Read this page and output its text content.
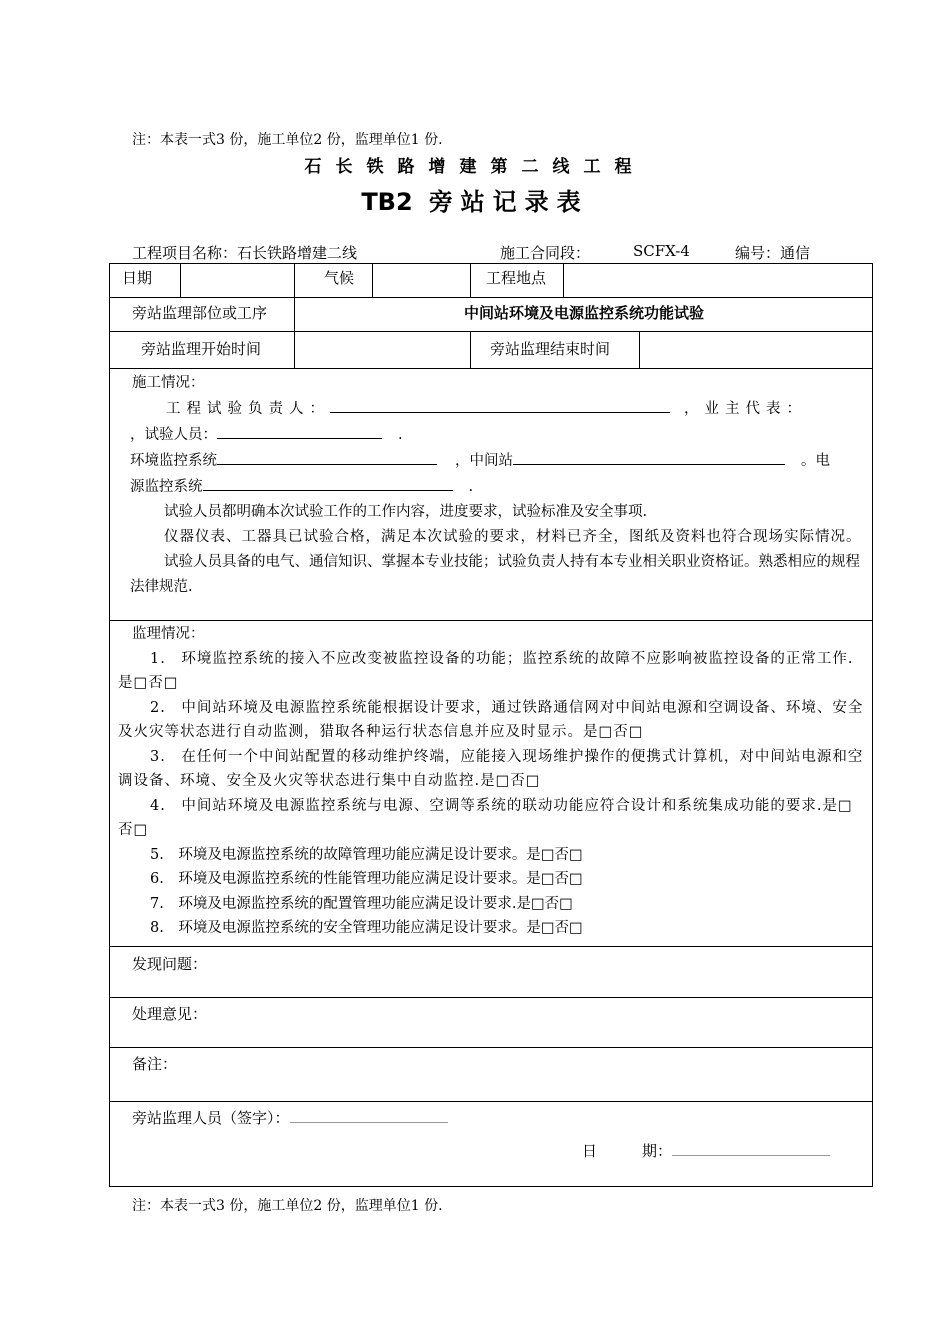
注：本表一式3 份，施工单位2 份，监理单位1 份.
石长铁路增建第二线工程
TB2 旁站记录表
工程项目名称：石长铁路增建二线	施工合同段：	SCFX-4	编号：通信
日期	气候	工程地点
旁站监理部位或工序	中间站环境及电源监控系统功能试验
旁站监理开始时间	旁站监理结束时间

施工情况：

工程试验负责人：	，业主代表：

，试验人员：	.

环境监控系统	，中间站	。电

源监控系统	.

试验人员都明确本次试验工作的工作内容，进度要求，试验标准及安全事项.

仪器仪表、工器具已试验合格，满足本次试验的要求，材料已齐全，图纸及资料也符合现场实际情况。

试验人员具备的电气、通信知识、掌握本专业技能；试验负责人持有本专业相关职业资格证。熟悉相应的规程法律规范.

监理情况：

1.　环境监控系统的接入不应改变被监控设备的功能；监控系统的故障不应影响被监控设备的正常工作.是□否□

2.　中间站环境及电源监控系统能根据设计要求，通过铁路通信网对中间站电源和空调设备、环境、安全及火灾等状态进行自动监测，猎取各种运行状态信息并应及时显示。是□否□

3.　在任何一个中间站配置的移动维护终端，应能接入现场维护操作的便携式计算机，对中间站电源和空调设备、环境、安全及火灾等状态进行集中自动监控.是□否□

4.　中间站环境及电源监控系统与电源、空调等系统的联动功能应符合设计和系统集成功能的要求.是□否□

5.　环境及电源监控系统的故障管理功能应满足设计要求。是□否□

6.　环境及电源监控系统的性能管理功能应满足设计要求。是□否□

7.　环境及电源监控系统的配置管理功能应满足设计要求.是□否□

8.　环境及电源监控系统的安全管理功能应满足设计要求。是□否□

发现问题：
处理意见：
备注：
旁站监理人员（签字）：
日　　　期：
注：本表一式3 份，施工单位2 份，监理单位1 份.
